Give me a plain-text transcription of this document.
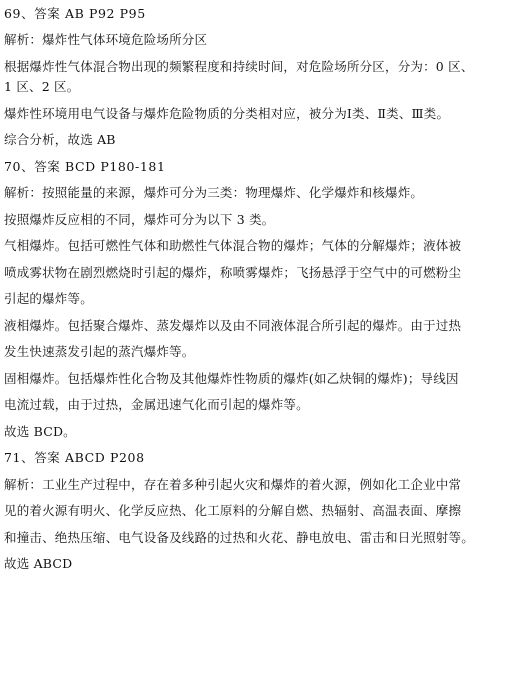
69、答案 AB P92 P95
解析：爆炸性气体环境危险场所分区
根据爆炸性气体混合物出现的频繁程度和持续时间，对危险场所分区，分为：0 区、
1 区、2 区。
爆炸性环境用电气设备与爆炸危险物质的分类相对应，被分为Ⅰ类、Ⅱ类、Ⅲ类。
综合分析，故选 AB
70、答案 BCD P180-181
解析：按照能量的来源，爆炸可分为三类：物理爆炸、化学爆炸和核爆炸。
按照爆炸反应相的不同，爆炸可分为以下 3 类。
气相爆炸。包括可燃性气体和助燃性气体混合物的爆炸；气体的分解爆炸；液体被
喷成雾状物在剧烈燃烧时引起的爆炸，称喷雾爆炸；飞扬悬浮于空气中的可燃粉尘
引起的爆炸等。
液相爆炸。包括聚合爆炸、蒸发爆炸以及由不同液体混合所引起的爆炸。由于过热
发生快速蒸发引起的蒸汽爆炸等。
固相爆炸。包括爆炸性化合物及其他爆炸性物质的爆炸(如乙炔铜的爆炸)；导线因
电流过载，由于过热，金属迅速气化而引起的爆炸等。
故选 BCD。
71、答案 ABCD P208
解析：工业生产过程中，存在着多种引起火灾和爆炸的着火源，例如化工企业中常
见的着火源有明火、化学反应热、化工原料的分解自燃、热辐射、高温表面、摩擦
和撞击、绝热压缩、电气设备及线路的过热和火花、静电放电、雷击和日光照射等。
故选 ABCD
